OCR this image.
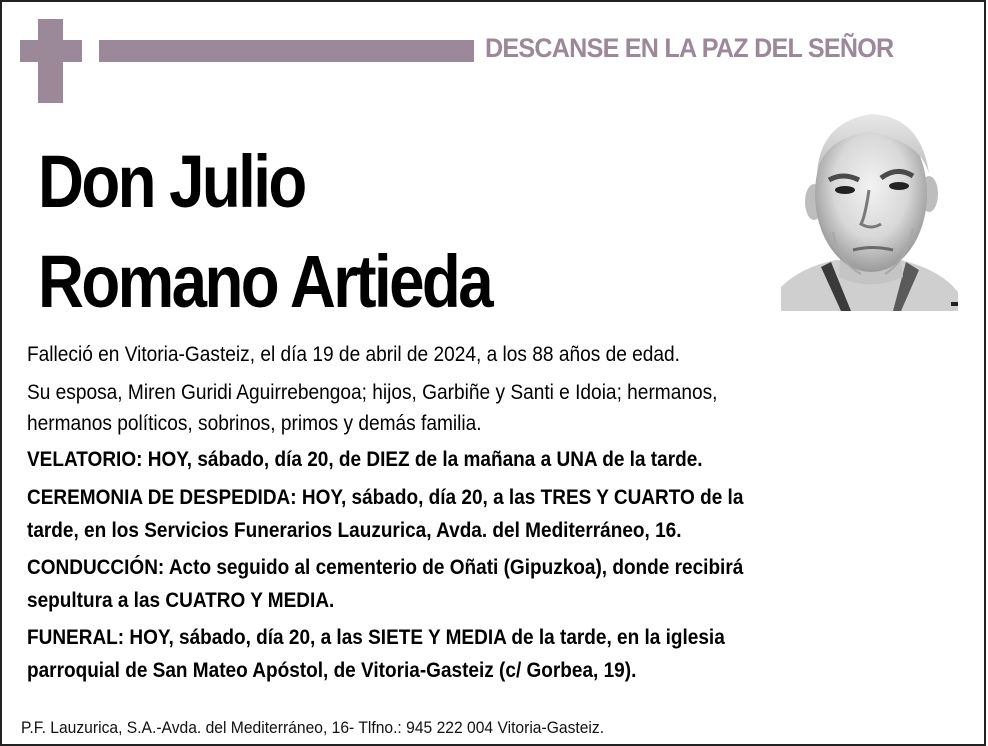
DESCANSE EN LA PAZ DEL SEÑOR
Don Julio
Romano Artieda

Falleció en Vitoria-Gasteiz, el día 19 de abril de 2024, a los 88 años de edad.

Su esposa, Miren Guridi Aguirrebengoa; hijos, Garbiñe y Santi e Idoia; hermanos,
hermanos políticos, sobrinos, primos y demás familia.

VELATORIO: HOY, sábado, día 20, de DIEZ de la mañana a UNA de la tarde.

CEREMONIA DE DESPEDIDA: HOY, sábado, día 20, a las TRES Y CUARTO de la
tarde, en los Servicios Funerarios Lauzurica, Avda. del Mediterráneo, 16.

CONDUCCIÓN: Acto seguido al cementerio de Oñati (Gipuzkoa), donde recibirá
sepultura a las CUATRO Y MEDIA.

FUNERAL: HOY, sábado, día 20, a las SIETE Y MEDIA de la tarde, en la iglesia
parroquial de San Mateo Apóstol, de Vitoria-Gasteiz (c/ Gorbea, 19).

P.F. Lauzurica, S.A.-Avda. del Mediterráneo, 16- Tlfno.: 945 222 004 Vitoria-Gasteiz.
